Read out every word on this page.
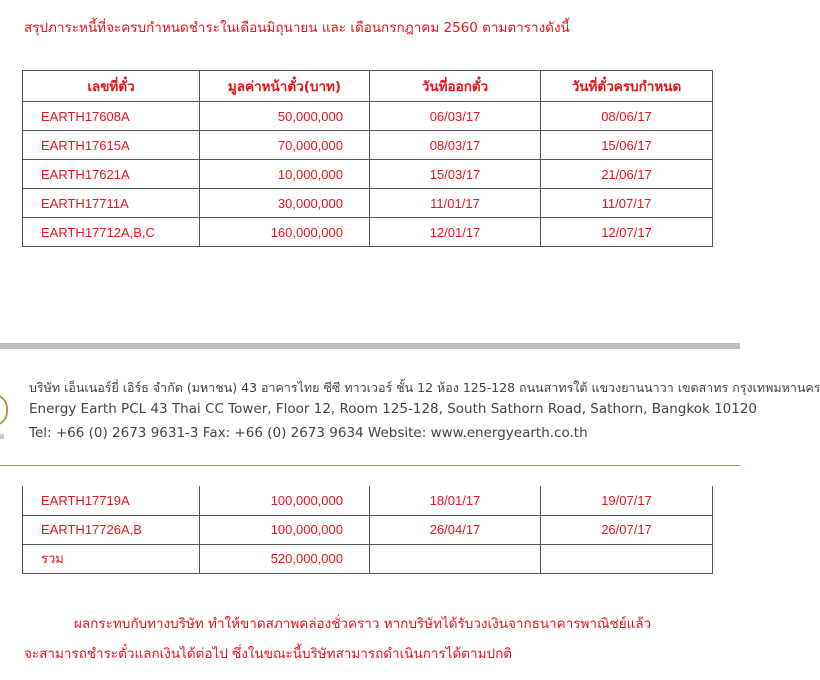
สรุปภาระหนี้ที่จะครบกำหนดชำระในเดือนมิถุนายน และ เดือนกรกฎาคม 2560 ตามตารางดังนี้
เลขที่ตั๋ว	มูลค่าหน้าตั๋ว(บาท)	วันที่ออกตั๋ว	วันที่ตั๋วครบกำหนด
EARTH17608A	50,000,000	06/03/17	08/06/17
EARTH17615A	70,000,000	08/03/17	15/06/17
EARTH17621A	10,000,000	15/03/17	21/06/17
EARTH17711A	30,000,000	11/01/17	11/07/17
EARTH17712A,B,C	160,000,000	12/01/17	12/07/17
il
บริษัท เอ็นเนอร์ยี่ เอิร์ธ จำกัด (มหาชน) 43 อาคารไทย ซีซี ทาวเวอร์ ชั้น 12 ห้อง 125-128 ถนนสาทรใต้ แขวงยานนาวา เขตสาทร กรุงเทพมหานคร
Energy Earth PCL 43 Thai CC Tower, Floor 12, Room 125-128, South Sathorn Road, Sathorn, Bangkok 10120
Tel: +66 (0) 2673 9631-3 Fax: +66 (0) 2673 9634 Website: www.energyearth.co.th
EARTH17719A	100,000,000	18/01/17	19/07/17
EARTH17726A,B	100,000,000	26/04/17	26/07/17
รวม	520,000,000		
ผลกระทบกับทางบริษัท ทำให้ขาดสภาพคล่องชั่วคราว หากบริษัทได้รับวงเงินจากธนาคารพาณิชย์แล้ว
จะสามารถชำระตั๋วแลกเงินได้ต่อไป ซึ่งในขณะนี้บริษัทสามารถดำเนินการได้ตามปกติ
